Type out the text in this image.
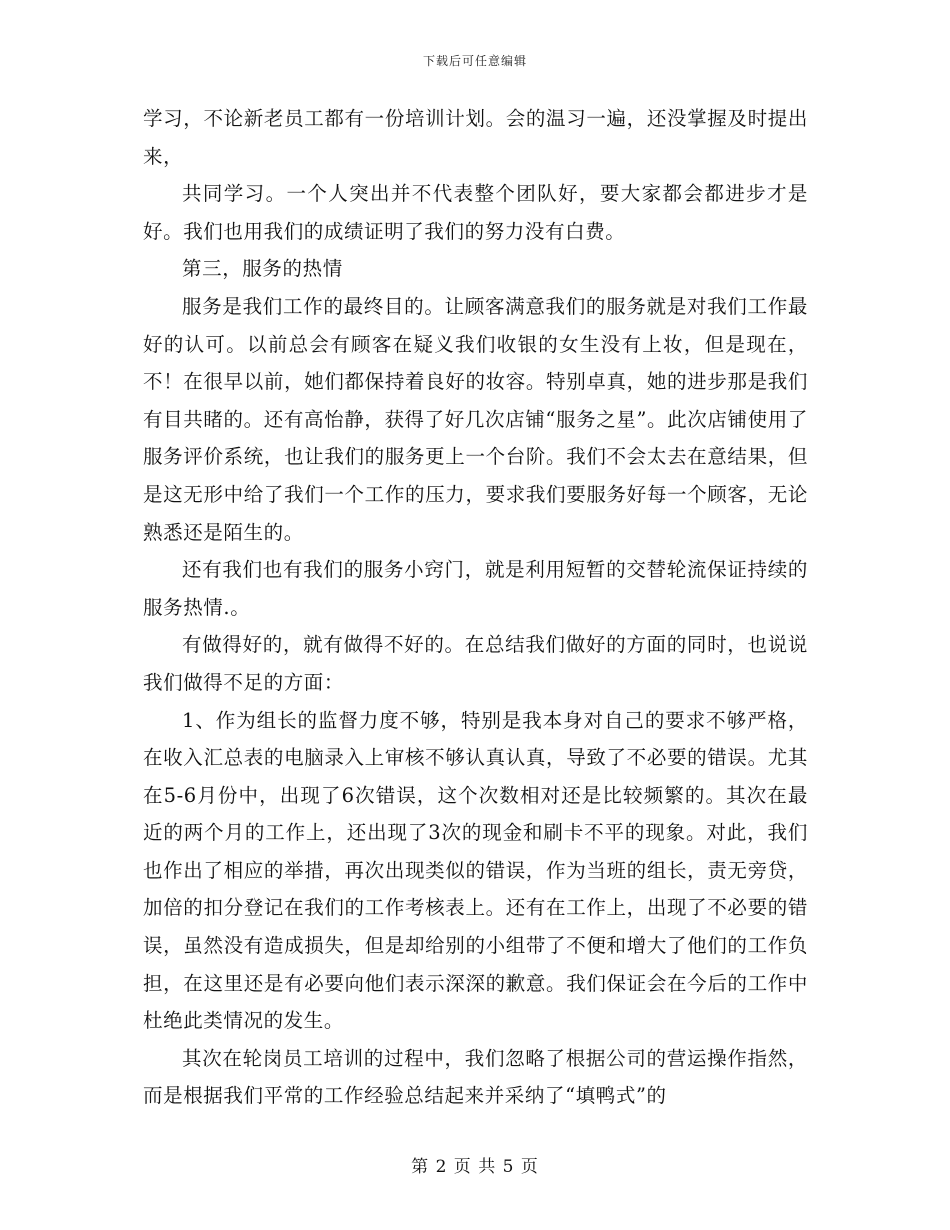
下载后可任意编辑

学习，不论新老员工都有一份培训计划。会的温习一遍，还没掌握及时提出来，

共同学习。一个人突出并不代表整个团队好，要大家都会都进步才是好。我们也用我们的成绩证明了我们的努力没有白费。

第三，服务的热情

服务是我们工作的最终目的。让顾客满意我们的服务就是对我们工作最好的认可。以前总会有顾客在疑义我们收银的女生没有上妆，但是现在，不！在很早以前，她们都保持着良好的妆容。特别卓真，她的进步那是我们有目共睹的。还有高怡静，获得了好几次店铺“服务之星”。此次店铺使用了服务评价系统，也让我们的服务更上一个台阶。我们不会太去在意结果，但是这无形中给了我们一个工作的压力，要求我们要服务好每一个顾客，无论熟悉还是陌生的。

还有我们也有我们的服务小窍门，就是利用短暂的交替轮流保证持续的服务热情.。

有做得好的，就有做得不好的。在总结我们做好的方面的同时，也说说我们做得不足的方面：

1、作为组长的监督力度不够，特别是我本身对自己的要求不够严格，在收入汇总表的电脑录入上审核不够认真认真，导致了不必要的错误。尤其在5-6月份中，出现了6次错误，这个次数相对还是比较频繁的。其次在最近的两个月的工作上，还出现了3次的现金和刷卡不平的现象。对此，我们也作出了相应的举措，再次出现类似的错误，作为当班的组长，责无旁贷，加倍的扣分登记在我们的工作考核表上。还有在工作上，出现了不必要的错误，虽然没有造成损失，但是却给别的小组带了不便和增大了他们的工作负担，在这里还是有必要向他们表示深深的歉意。我们保证会在今后的工作中杜绝此类情况的发生。

其次在轮岗员工培训的过程中，我们忽略了根据公司的营运操作指然，而是根据我们平常的工作经验总结起来并采纳了“填鸭式”的

第 2 页 共 5 页
